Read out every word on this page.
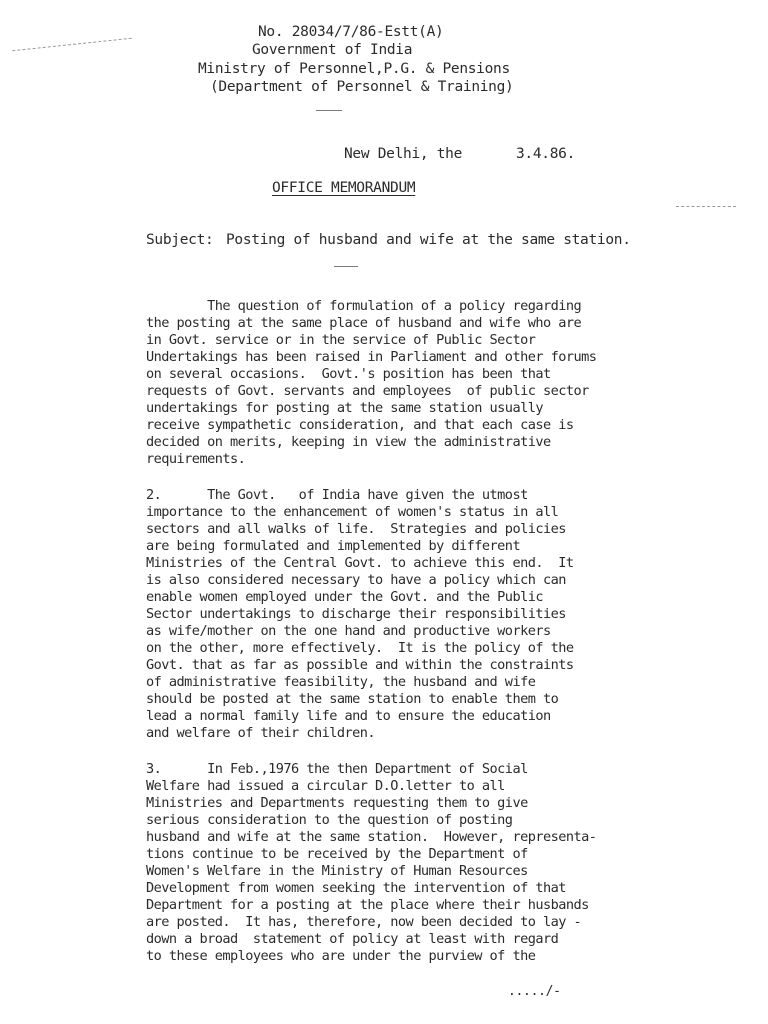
No. 28034/7/86-Estt(A)
Government of India
Ministry of Personnel,P.G. & Pensions
(Department of Personnel & Training)
New Delhi, the	3.4.86.
OFFICE MEMORANDUM
Subject: Posting of husband and wife at the same station.
The question of formulation of a policy regarding
the posting at the same place of husband and wife who are
in Govt. service or in the service of Public Sector
Undertakings has been raised in Parliament and other forums
on several occasions.  Govt.'s position has been that
requests of Govt. servants and employees  of public sector
undertakings for posting at the same station usually
receive sympathetic consideration, and that each case is
decided on merits, keeping in view the administrative
requirements.
2.      The Govt.   of India have given the utmost
importance to the enhancement of women's status in all
sectors and all walks of life.  Strategies and policies
are being formulated and implemented by different
Ministries of the Central Govt. to achieve this end.  It
is also considered necessary to have a policy which can
enable women employed under the Govt. and the Public
Sector undertakings to discharge their responsibilities
as wife/mother on the one hand and productive workers
on the other, more effectively.  It is the policy of the
Govt. that as far as possible and within the constraints
of administrative feasibility, the husband and wife
should be posted at the same station to enable them to
lead a normal family life and to ensure the education
and welfare of their children.
3.      In Feb.,1976 the then Department of Social
Welfare had issued a circular D.O.letter to all
Ministries and Departments requesting them to give
serious consideration to the question of posting
husband and wife at the same station.  However, representa-
tions continue to be received by the Department of
Women's Welfare in the Ministry of Human Resources
Development from women seeking the intervention of that
Department for a posting at the place where their husbands
are posted.  It has, therefore, now been decided to lay -
down a broad  statement of policy at least with regard
to these employees who are under the purview of the
...../-
